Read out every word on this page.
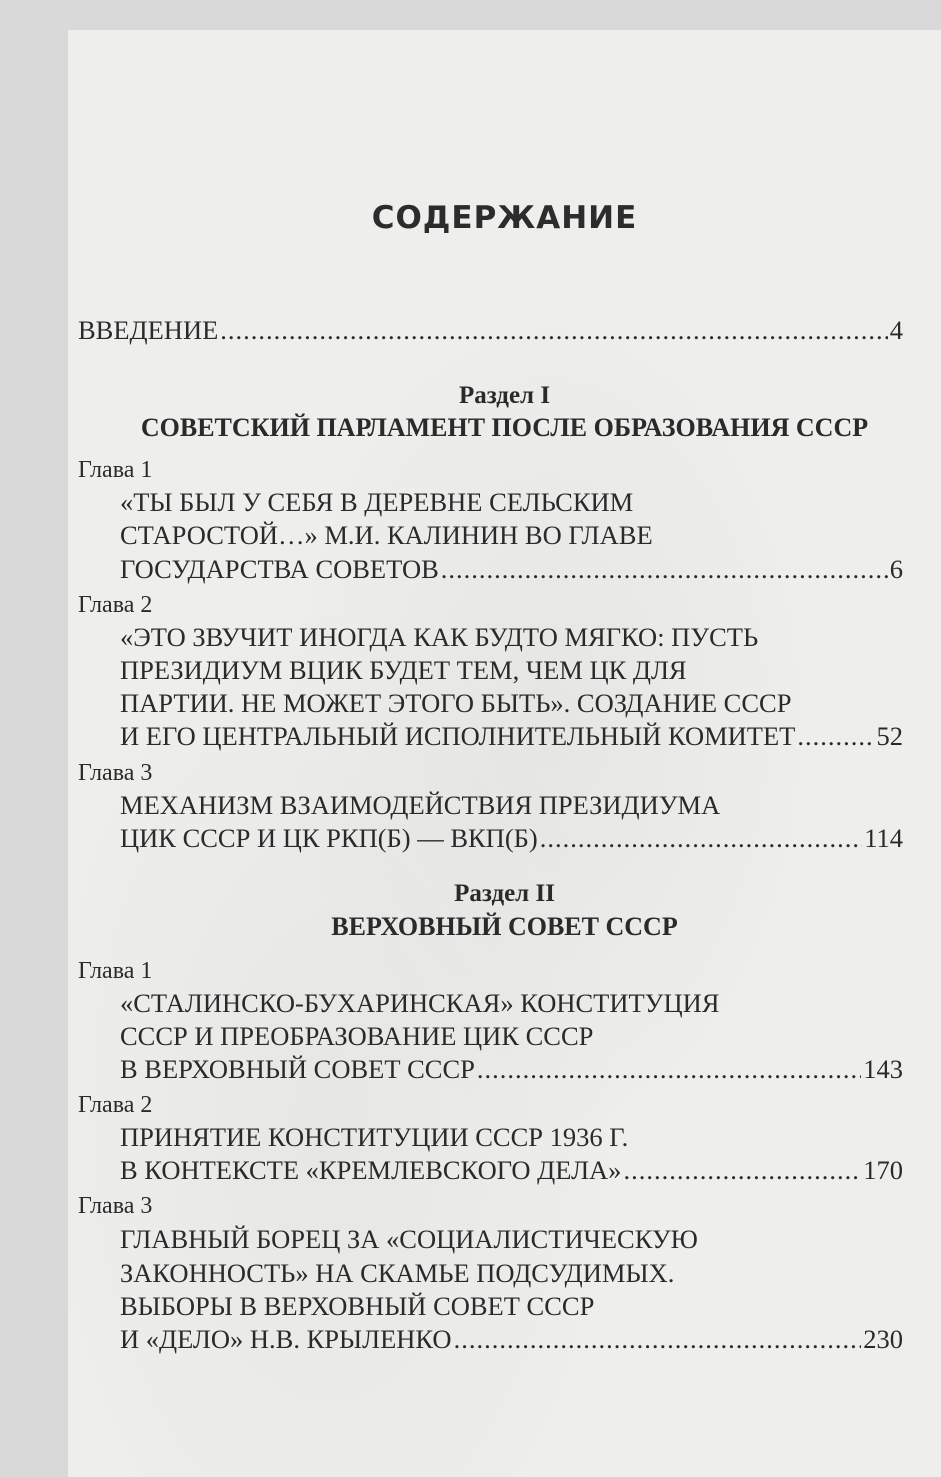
СОДЕРЖАНИЕ
ВВЕДЕНИЕ .....	4
Раздел I
СОВЕТСКИЙ ПАРЛАМЕНТ ПОСЛЕ ОБРАЗОВАНИЯ СССР
Глава 1
«ТЫ БЫЛ У СЕБЯ В ДЕРЕВНЕ СЕЛЬСКИМ
СТАРОСТОЙ…» М.И. КАЛИНИН ВО ГЛАВЕ
ГОСУДАРСТВА СОВЕТОВ .....	6
Глава 2
«ЭТО ЗВУЧИТ ИНОГДА КАК БУДТО МЯГКО: ПУСТЬ
ПРЕЗИДИУМ ВЦИК БУДЕТ ТЕМ, ЧЕМ ЦК ДЛЯ
ПАРТИИ. НЕ МОЖЕТ ЭТОГО БЫТЬ». СОЗДАНИЕ СССР
И ЕГО ЦЕНТРАЛЬНЫЙ ИСПОЛНИТЕЛЬНЫЙ КОМИТЕТ .....	52
Глава 3
МЕХАНИЗМ ВЗАИМОДЕЙСТВИЯ ПРЕЗИДИУМА
ЦИК СССР И ЦК РКП(Б) — ВКП(Б) .....	114
Раздел II
ВЕРХОВНЫЙ СОВЕТ СССР
Глава 1
«СТАЛИНСКО-БУХАРИНСКАЯ» КОНСТИТУЦИЯ
СССР И ПРЕОБРАЗОВАНИЕ ЦИК СССР
В ВЕРХОВНЫЙ СОВЕТ СССР .....	143
Глава 2
ПРИНЯТИЕ КОНСТИТУЦИИ СССР 1936 Г.
В КОНТЕКСТЕ «КРЕМЛЕВСКОГО ДЕЛА» .....	170
Глава 3
ГЛАВНЫЙ БОРЕЦ ЗА «СОЦИАЛИСТИЧЕСКУЮ
ЗАКОННОСТЬ» НА СКАМЬЕ ПОДСУДИМЫХ.
ВЫБОРЫ В ВЕРХОВНЫЙ СОВЕТ СССР
И «ДЕЛО» Н.В. КРЫЛЕНКО .....	230
